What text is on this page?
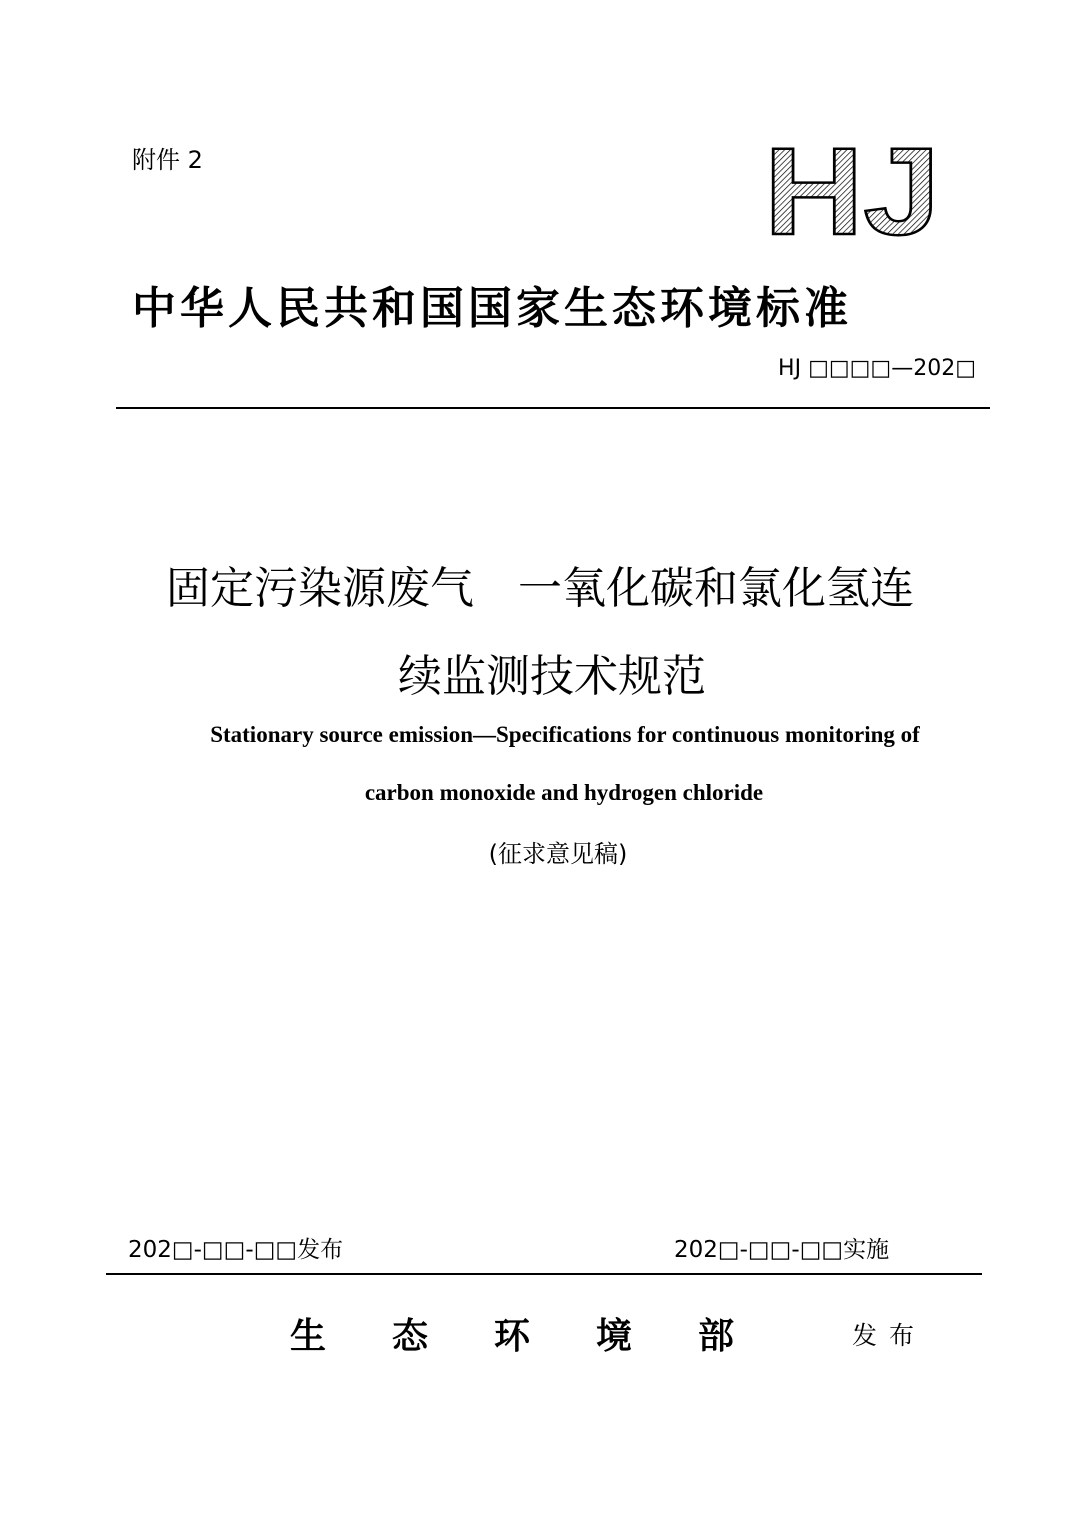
附件 2	HJ
中华人民共和国国家生态环境标准
HJ □□□□—202□
固定污染源废气　一氧化碳和氯化氢连
续监测技术规范
Stationary source emission—Specifications for continuous monitoring of
carbon monoxide and hydrogen chloride
(征求意见稿)
202□-□□-□□发布	202□-□□-□□实施
生态环境部 发布
